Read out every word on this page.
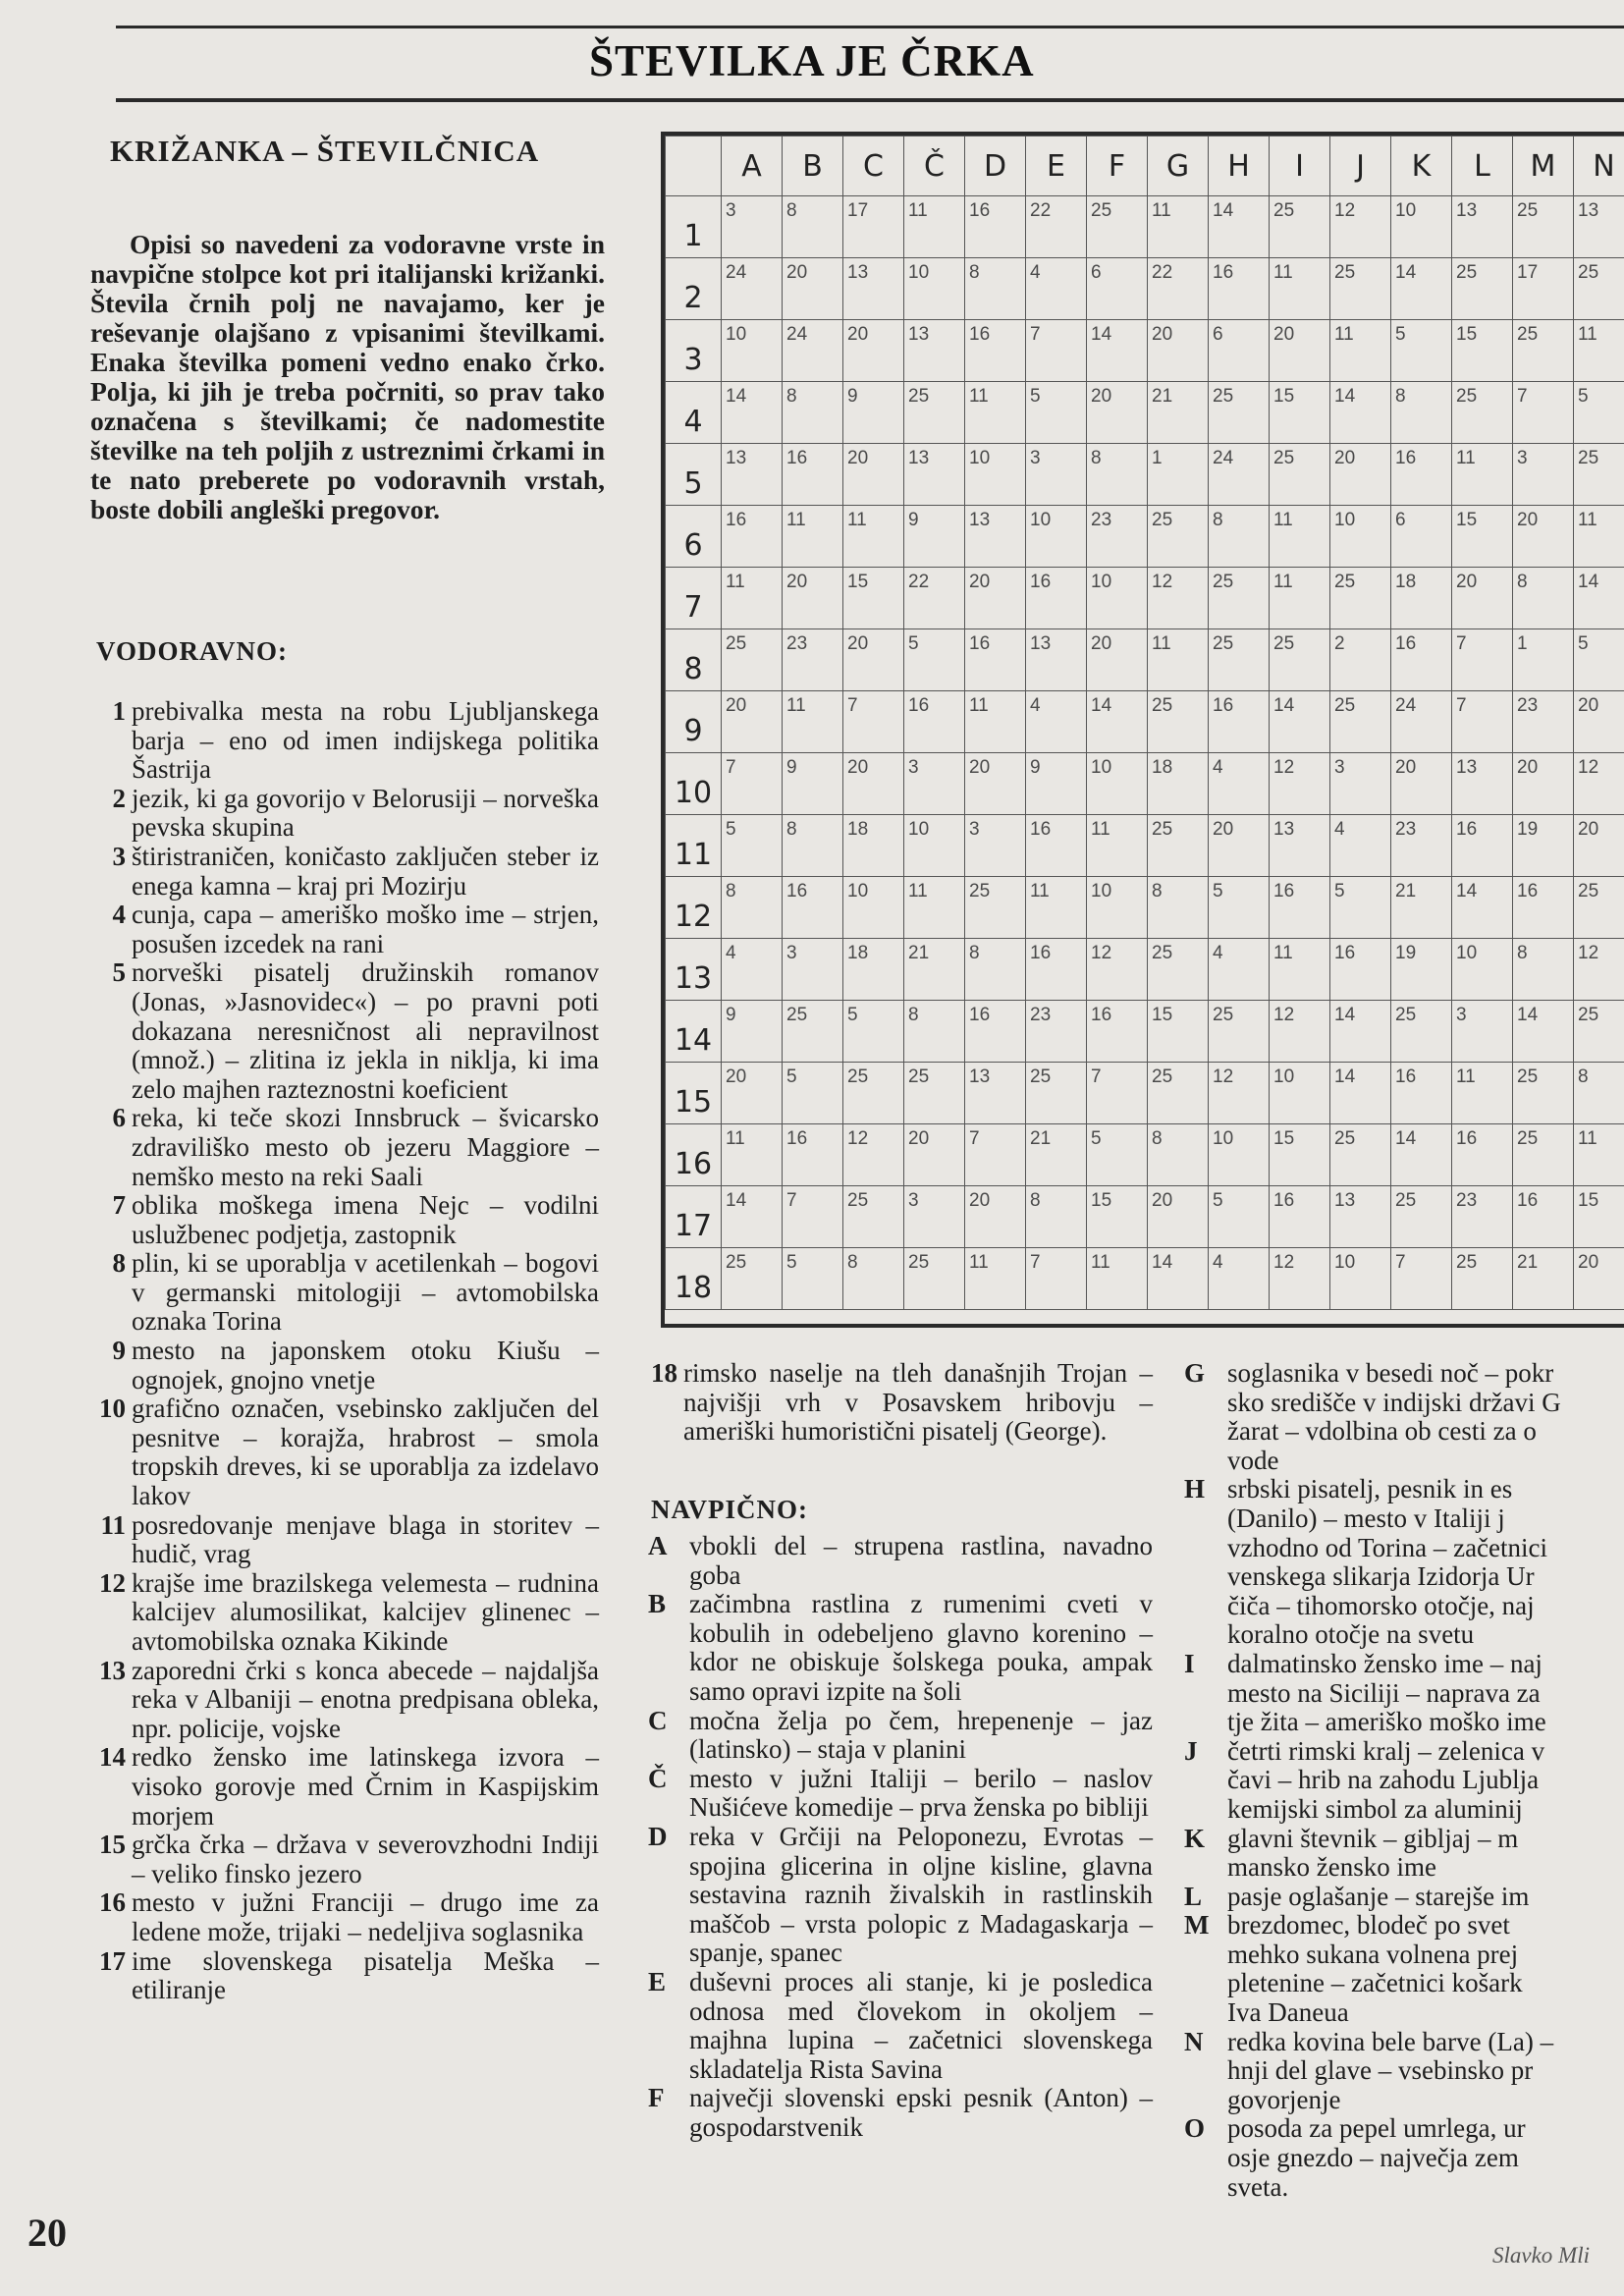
ŠTEVILKA JE ČRKA
KRIŽANKA – ŠTEVILČNICA
Opisi so navedeni za vodoravne vrste in navpične stolpce kot pri italijanski križanki. Števila črnih polj ne navajamo, ker je reševanje olajšano z vpisanimi številkami. Enaka številka pomeni vedno enako črko. Polja, ki jih je treba počrniti, so prav tako označena s številkami; če nadomestite številke na teh poljih z ustreznimi črkami in te nato preberete po vodoravnih vrstah, boste dobili angleški pregovor.
VODORAVNO:
1 prebivalka mesta na robu Ljubljanskega barja – eno od imen indijskega politika Šastrija
2 jezik, ki ga govorijo v Belorusiji – norveška pevska skupina
3 štiristraničen, koničasto zaključen steber iz enega kamna – kraj pri Mozirju
4 cunja, capa – ameriško moško ime – strjen, posušen izcedek na rani
5 norveški pisatelj družinskih romanov (Jonas, »Jasnovidec«) – po pravni poti dokazana neresničnost ali nepravilnost (množ.) – zlitina iz jekla in niklja, ki ima zelo majhen razteznostni koeficient
6 reka, ki teče skozi Innsbruck – švicarsko zdraviliško mesto ob jezeru Maggiore – nemško mesto na reki Saali
7 oblika moškega imena Nejc – vodilni uslužbenec podjetja, zastopnik
8 plin, ki se uporablja v acetilenkah – bogovi v germanski mitologiji – avtomobilska oznaka Torina
9 mesto na japonskem otoku Kiušu – ognojek, gnojno vnetje
10 grafično označen, vsebinsko zaključen del pesnitve – korajža, hrabrost – smola tropskih dreves, ki se uporablja za izdelavo lakov
11 posredovanje menjave blaga in storitev – hudič, vrag
12 krajše ime brazilskega velemesta – rudnina kalcijev alumosilikat, kalcijev glinenec – avtomobilska oznaka Kikinde
13 zaporedni črki s konca abecede – najdaljša reka v Albaniji – enotna predpisana obleka, npr. policije, vojske
14 redko žensko ime latinskega izvora – visoko gorovje med Črnim in Kaspijskim morjem
15 grčka črka – država v severovzhodni Indiji – veliko finsko jezero
16 mesto v južni Franciji – drugo ime za ledene može, trijaki – nedeljiva soglasnika
17 ime slovenskega pisatelja Meška – etiliranje
18 rimsko naselje na tleh današnjih Trojan – najvišji vrh v Posavskem hribovju – ameriški humoristični pisatelj (George).
NAVPIČNO:
A vbokli del – strupena rastlina, navadno goba
B začimbna rastlina z rumenimi cveti v kobulih in odebeljeno glavno korenino – kdor ne obiskuje šolskega pouka, ampak samo opravi izpite na šoli
C močna želja po čem, hrepenenje – jaz (latinsko) – staja v planini
Č mesto v južni Italiji – berilo – naslov Nušićeve komedije – prva ženska po bibliji
D reka v Grčiji na Peloponezu, Evrotas – spojina glicerina in oljne kisline, glavna sestavina raznih živalskih in rastlinskih maščob – vrsta polopic z Madagaskarja – spanje, spanec
E duševni proces ali stanje, ki je posledica odnosa med človekom in okoljem – majhna lupina – začetnici slovenskega skladatelja Rista Savina
F največji slovenski epski pesnik (Anton) – gospodarstvenik
G soglasnika v besedi noč – pokr
sko središče v indijski državi G
žarat – vdolbina ob cesti za o
vode
H srbski pisatelj, pesnik in es
(Danilo) – mesto v Italiji j
vzhodno od Torina – začetnici
venskega slikarja Izidorja Ur
čiča – tihomorsko otočje, naj
koralno otočje na svetu
I	dalmatinsko žensko ime – naj
mesto na Siciliji – naprava za
tje žita – ameriško moško ime
J	četrti rimski kralj – zelenica v
čavi – hrib na zahodu Ljublja
kemijski simbol za aluminij
K glavni števnik – gibljaj – m
mansko žensko ime
L pasje oglašanje – starejše im
M brezdomec, blodeč po svet
mehko sukana volnena prej
pletenine – začetnici košark
Iva Daneua
N redka kovina bele barve (La) –
hnji del glave – vsebinsko pr
govorjenje
O posoda za pepel umrlega, ur
osje gnezdo – največja zem
sveta.
	A	B	C	Č	D	E	F	G	H	I	J	K	L	M	N
1	3	8	17	11	16	22	25	11	14	25	12	10	13	25	13

2	24	20	13	10	8	4	6	22	16	11	25	14	25	17	25

3	10	24	20	13	16	7	14	20	6	20	11	5	15	25	11

4	14	8	9	25	11	5	20	21	25	15	14	8	25	7	5

5	13	16	20	13	10	3	8	1	24	25	20	16	11	3	25

6	16	11	11	9	13	10	23	25	8	11	10	6	15	20	11

7	11	20	15	22	20	16	10	12	25	11	25	18	20	8	14

8	25	23	20	5	16	13	20	11	25	25	2	16	7	1	5

9	20	11	7	16	11	4	14	25	16	14	25	24	7	23	20

10	7	9	20	3	20	9	10	18	4	12	3	20	13	20	12

11	5	8	18	10	3	16	11	25	20	13	4	23	16	19	20

12	8	16	10	11	25	11	10	8	5	16	5	21	14	16	25

13	4	3	18	21	8	16	12	25	4	11	16	19	10	8	12

14	9	25	5	8	16	23	16	15	25	12	14	25	3	14	25

15	20	5	25	25	13	25	7	25	12	10	14	16	11	25	8

16	11	16	12	20	7	21	5	8	10	15	25	14	16	25	11

17	14	7	25	3	20	8	15	20	5	16	13	25	23	16	15

18	25	5	8	25	11	7	11	14	4	12	10	7	25	21	20
20
Slavko Mli
